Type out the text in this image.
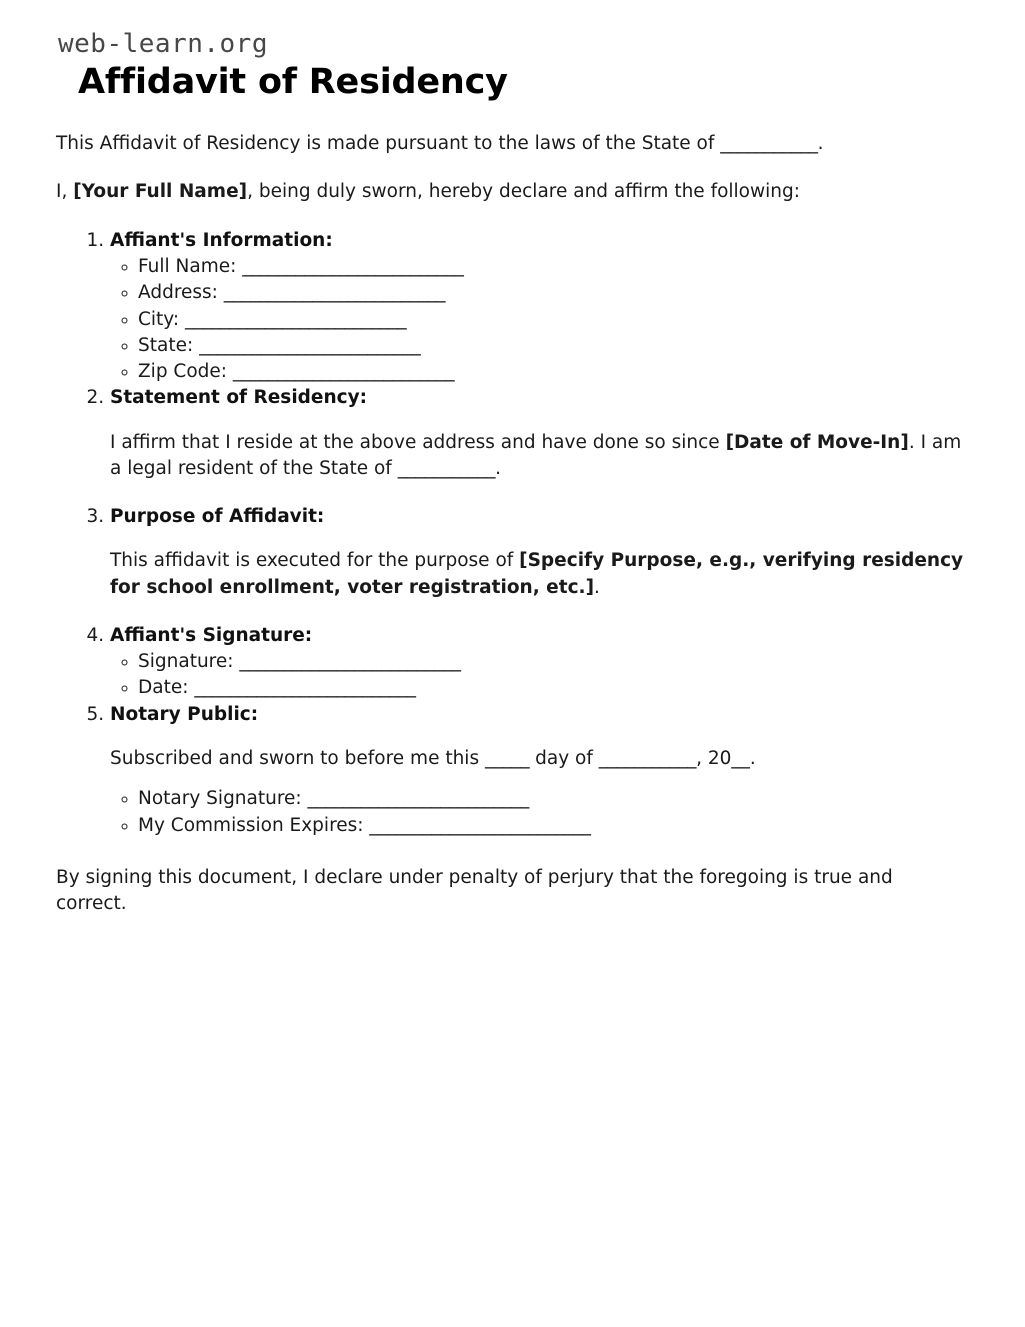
web-learn.org
Affidavit of Residency

This Affidavit of Residency is made pursuant to the laws of the State of ___________.

I, [Your Full Name], being duly sworn, hereby declare and affirm the following:

1. Affiant's Information:
◦ Full Name: _________________________
◦ Address: _________________________
◦ City: _________________________
◦ State: _________________________
◦ Zip Code: _________________________
2. Statement of Residency:

I affirm that I reside at the above address and have done so since [Date of Move-In]. I am a legal resident of the State of ___________.

3. Purpose of Affidavit:

This affidavit is executed for the purpose of [Specify Purpose, e.g., verifying residency for school enrollment, voter registration, etc.].

4. Affiant's Signature:
◦ Signature: _________________________
◦ Date: _________________________
5. Notary Public:

Subscribed and sworn to before me this _____ day of ___________, 20__.

◦ Notary Signature: _________________________
◦ My Commission Expires: _________________________

By signing this document, I declare under penalty of perjury that the foregoing is true and correct.
